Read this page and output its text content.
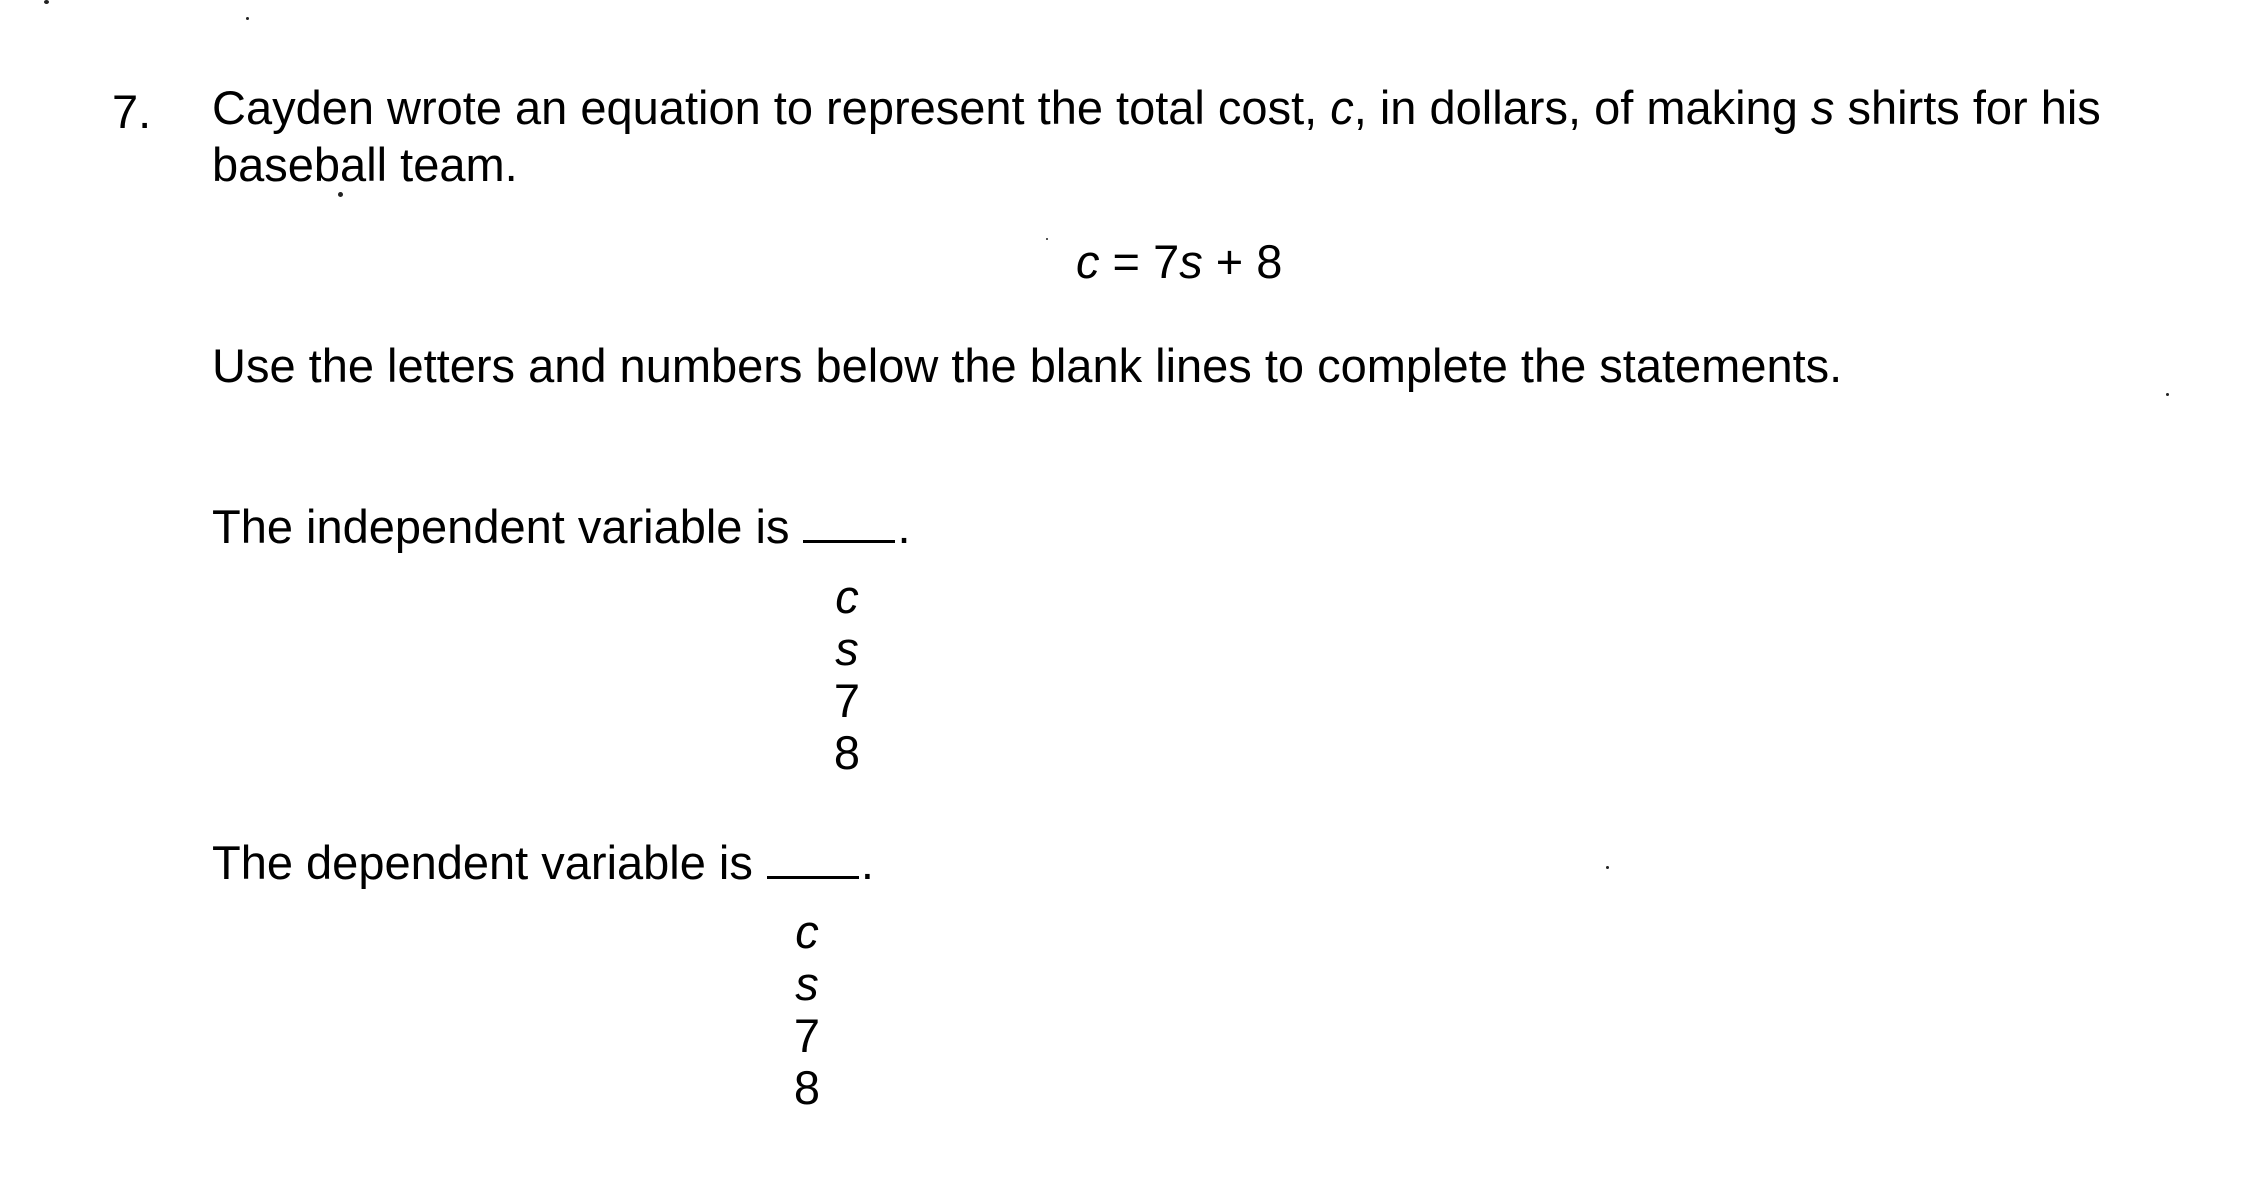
7. Cayden wrote an equation to represent the total cost, c, in dollars, of making s shirts for his baseball team.
c = 7s + 8
Use the letters and numbers below the blank lines to complete the statements.
The independent variable is .
c
s
7
8
The dependent variable is .
c
s
7
8
